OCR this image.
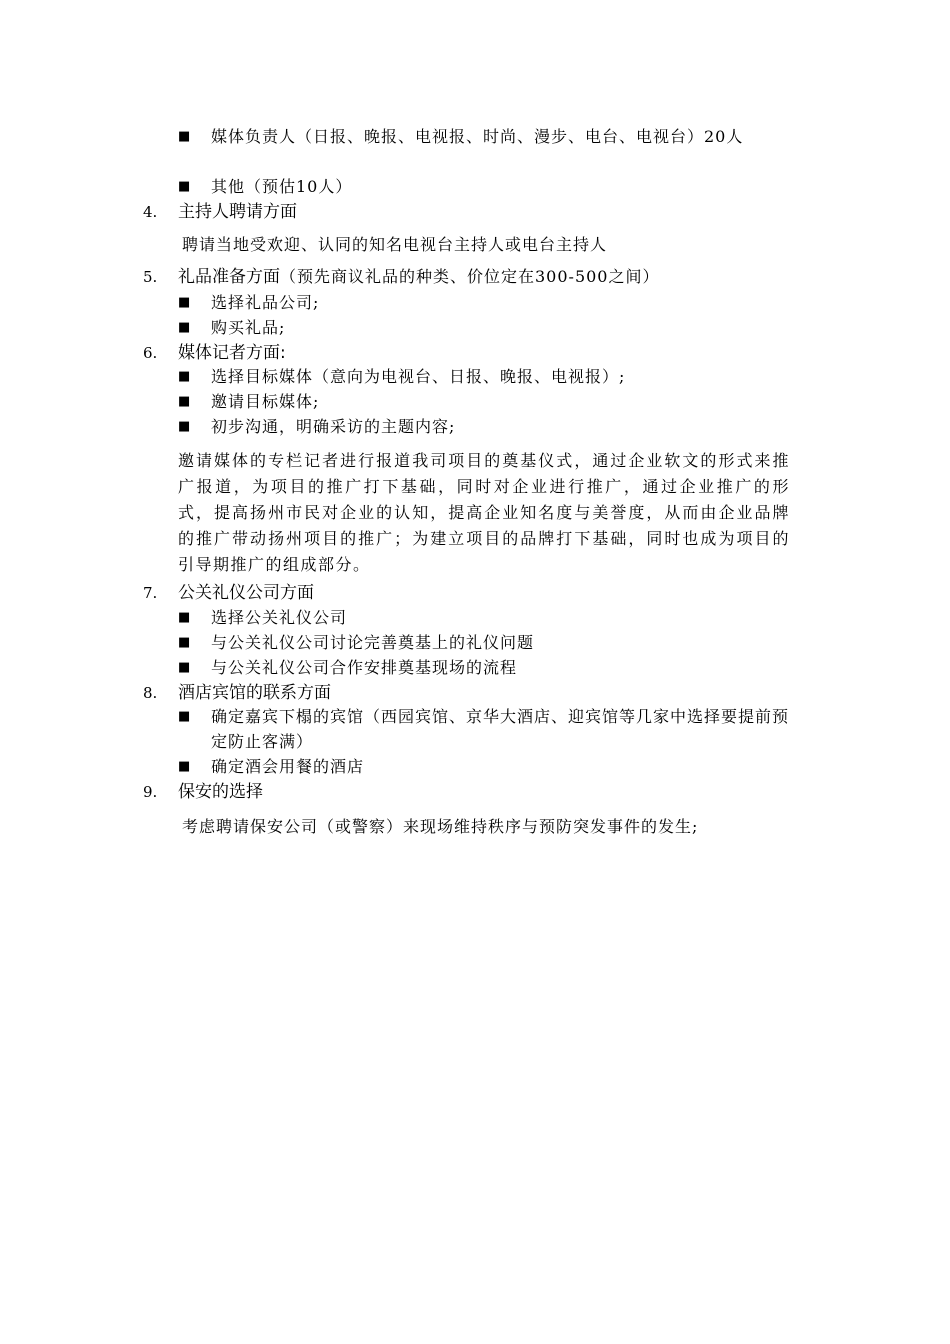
■ 媒体负责人（日报、晚报、电视报、时尚、漫步、电台、电视台）20人
■ 其他（预估10人）
4. 主持人聘请方面
聘请当地受欢迎、认同的知名电视台主持人或电台主持人
5. 礼品准备方面（预先商议礼品的种类、价位定在300-500之间）
■ 选择礼品公司;
■ 购买礼品;
6. 媒体记者方面:
■ 选择目标媒体（意向为电视台、日报、晚报、电视报）;
■ 邀请目标媒体;
■ 初步沟通，明确采访的主题内容;
邀请媒体的专栏记者进行报道我司项目的奠基仪式，通过企业软文的形式来推广报道，为项目的推广打下基础，同时对企业进行推广，通过企业推广的形式，提高扬州市民对企业的认知，提高企业知名度与美誉度，从而由企业品牌的推广带动扬州项目的推广；为建立项目的品牌打下基础，同时也成为项目的引导期推广的组成部分。
7. 公关礼仪公司方面
■ 选择公关礼仪公司
■ 与公关礼仪公司讨论完善奠基上的礼仪问题
■ 与公关礼仪公司合作安排奠基现场的流程
8. 酒店宾馆的联系方面
■ 确定嘉宾下榻的宾馆（西园宾馆、京华大酒店、迎宾馆等几家中选择要提前预定防止客满）
■ 确定酒会用餐的酒店
9. 保安的选择
考虑聘请保安公司（或警察）来现场维持秩序与预防突发事件的发生;
